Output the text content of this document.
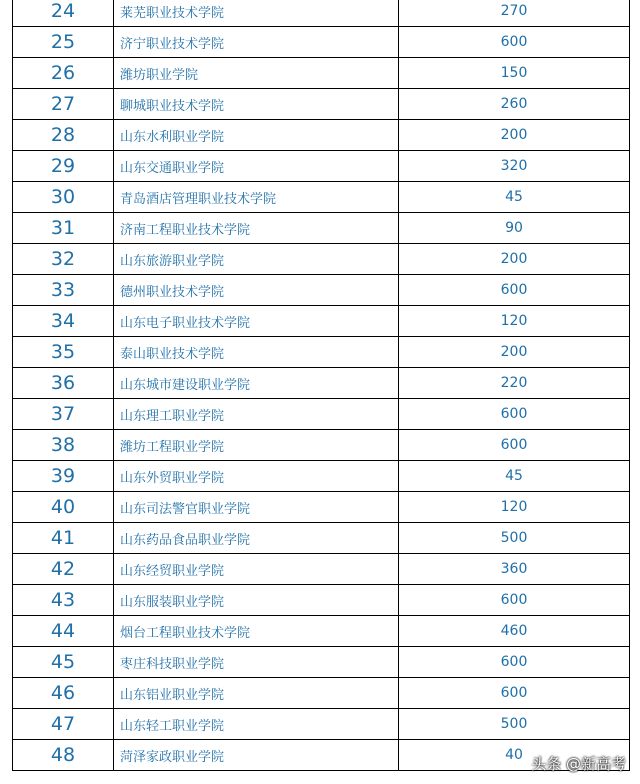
24	莱芜职业技术学院	270
25	济宁职业技术学院	600
26	潍坊职业学院	150
27	聊城职业技术学院	260
28	山东水利职业学院	200
29	山东交通职业学院	320
30	青岛酒店管理职业技术学院	45
31	济南工程职业技术学院	90
32	山东旅游职业学院	200
33	德州职业技术学院	600
34	山东电子职业技术学院	120
35	泰山职业技术学院	200
36	山东城市建设职业学院	220
37	山东理工职业学院	600
38	潍坊工程职业学院	600
39	山东外贸职业学院	45
40	山东司法警官职业学院	120
41	山东药品食品职业学院	500
42	山东经贸职业学院	360
43	山东服装职业学院	600
44	烟台工程职业技术学院	460
45	枣庄科技职业学院	600
46	山东铝业职业学院	600
47	山东轻工职业学院	500
48	菏泽家政职业学院	40 头条 @新高考
